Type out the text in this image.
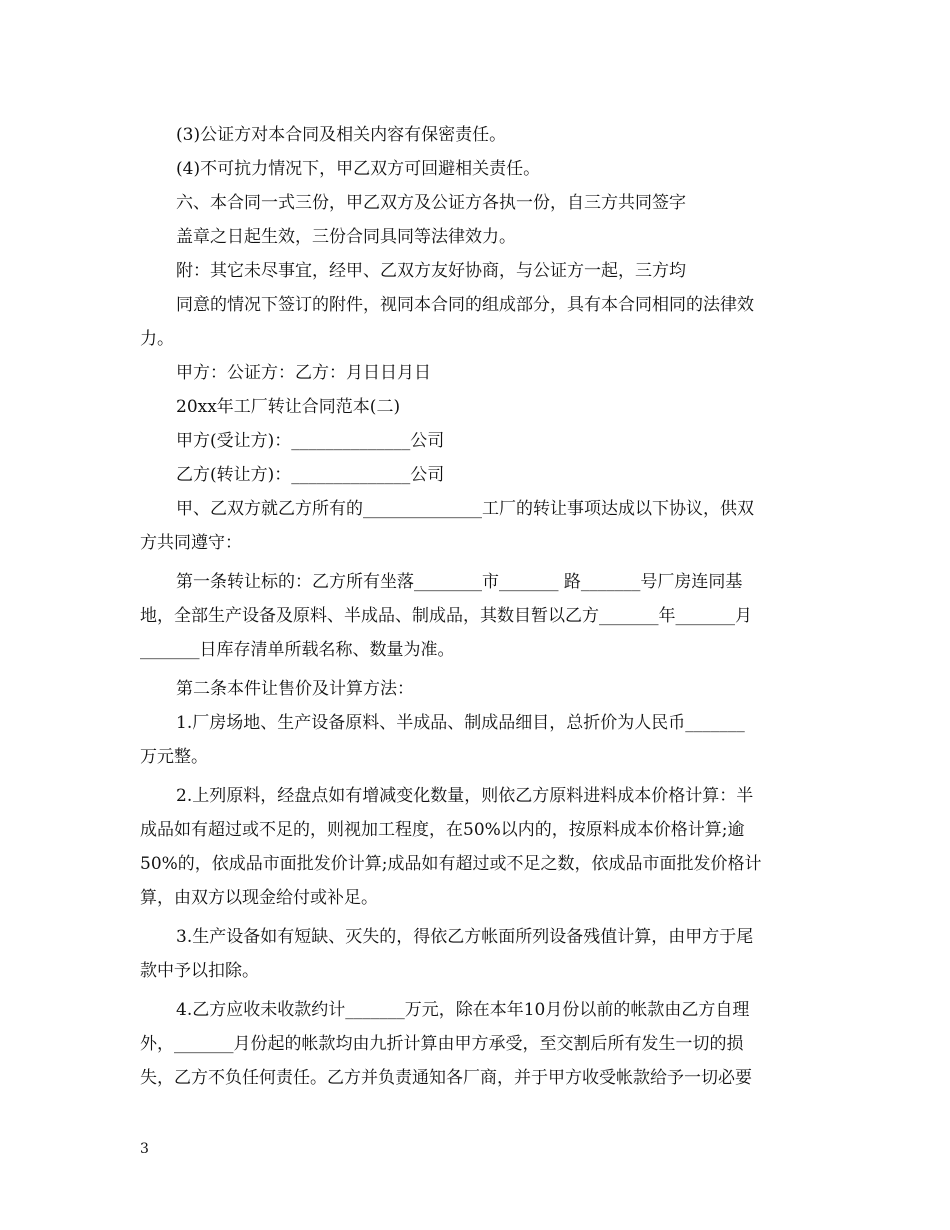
(3)公证方对本合同及相关内容有保密责任。
(4)不可抗力情况下，甲乙双方可回避相关责任。
六、本合同一式三份，甲乙双方及公证方各执一份，自三方共同签字
盖章之日起生效，三份合同具同等法律效力。
附：其它未尽事宜，经甲、乙双方友好协商，与公证方一起，三方均
同意的情况下签订的附件，视同本合同的组成部分，具有本合同相同的法律效
力。
甲方：公证方：乙方：月日日月日
20xx年工厂转让合同范本(二)
甲方(受让方)：______________公司
乙方(转让方)：______________公司
甲、乙双方就乙方所有的______________工厂的转让事项达成以下协议，供双
方共同遵守：
第一条转让标的：乙方所有坐落________市_______ 路_______号厂房连同基
地，全部生产设备及原料、半成品、制成品，其数目暂以乙方_______年_______月
_______日库存清单所载名称、数量为准。
第二条本件让售价及计算方法：
1.厂房场地、生产设备原料、半成品、制成品细目，总折价为人民币_______
万元整。
2.上列原料，经盘点如有增减变化数量，则依乙方原料进料成本价格计算：半
成品如有超过或不足的，则视加工程度，在50%以内的，按原料成本价格计算;逾
50%的，依成品市面批发价计算;成品如有超过或不足之数，依成品市面批发价格计
算，由双方以现金给付或补足。
3.生产设备如有短缺、灭失的，得依乙方帐面所列设备残值计算，由甲方于尾
款中予以扣除。
4.乙方应收未收款约计_______万元，除在本年10月份以前的帐款由乙方自理
外，_______月份起的帐款均由九折计算由甲方承受，至交割后所有发生一切的损
失，乙方不负任何责任。乙方并负责通知各厂商，并于甲方收受帐款给予一切必要
3
